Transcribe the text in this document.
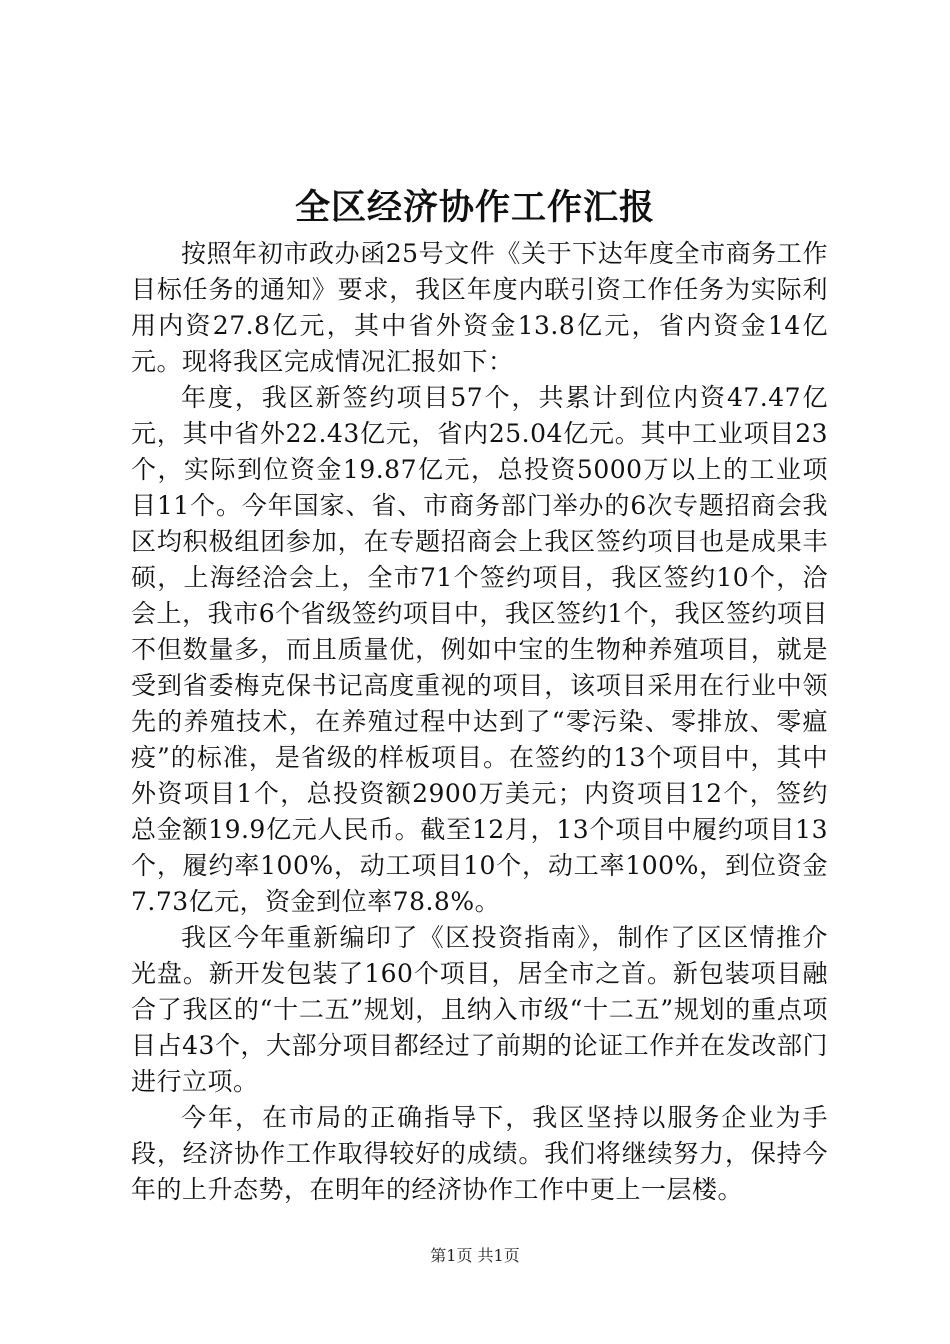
全区经济协作工作汇报

按照年初市政办函25号文件《关于下达年度全市商务工作目标任务的通知》要求，我区年度内联引资工作任务为实际利用内资27.8亿元，其中省外资金13.8亿元，省内资金14亿元。现将我区完成情况汇报如下：

年度，我区新签约项目57个，共累计到位内资47.47亿元，其中省外22.43亿元，省内25.04亿元。其中工业项目23个，实际到位资金19.87亿元，总投资5000万以上的工业项目11个。今年国家、省、市商务部门举办的6次专题招商会我区均积极组团参加，在专题招商会上我区签约项目也是成果丰硕，上海经洽会上，全市71个签约项目，我区签约10个，洽会上，我市6个省级签约项目中，我区签约1个，我区签约项目不但数量多，而且质量优，例如中宝的生物种养殖项目，就是受到省委梅克保书记高度重视的项目，该项目采用在行业中领先的养殖技术，在养殖过程中达到了“零污染、零排放、零瘟疫”的标准，是省级的样板项目。在签约的13个项目中，其中外资项目1个，总投资额2900万美元；内资项目12个，签约总金额19.9亿元人民币。截至12月，13个项目中履约项目13个，履约率100%，动工项目10个，动工率100%，到位资金7.73亿元，资金到位率78.8%。

我区今年重新编印了《区投资指南》，制作了区区情推介光盘。新开发包装了160个项目，居全市之首。新包装项目融合了我区的“十二五”规划，且纳入市级“十二五”规划的重点项目占43个，大部分项目都经过了前期的论证工作并在发改部门进行立项。

今年，在市局的正确指导下，我区坚持以服务企业为手段，经济协作工作取得较好的成绩。我们将继续努力，保持今年的上升态势，在明年的经济协作工作中更上一层楼。

第1页 共1页
